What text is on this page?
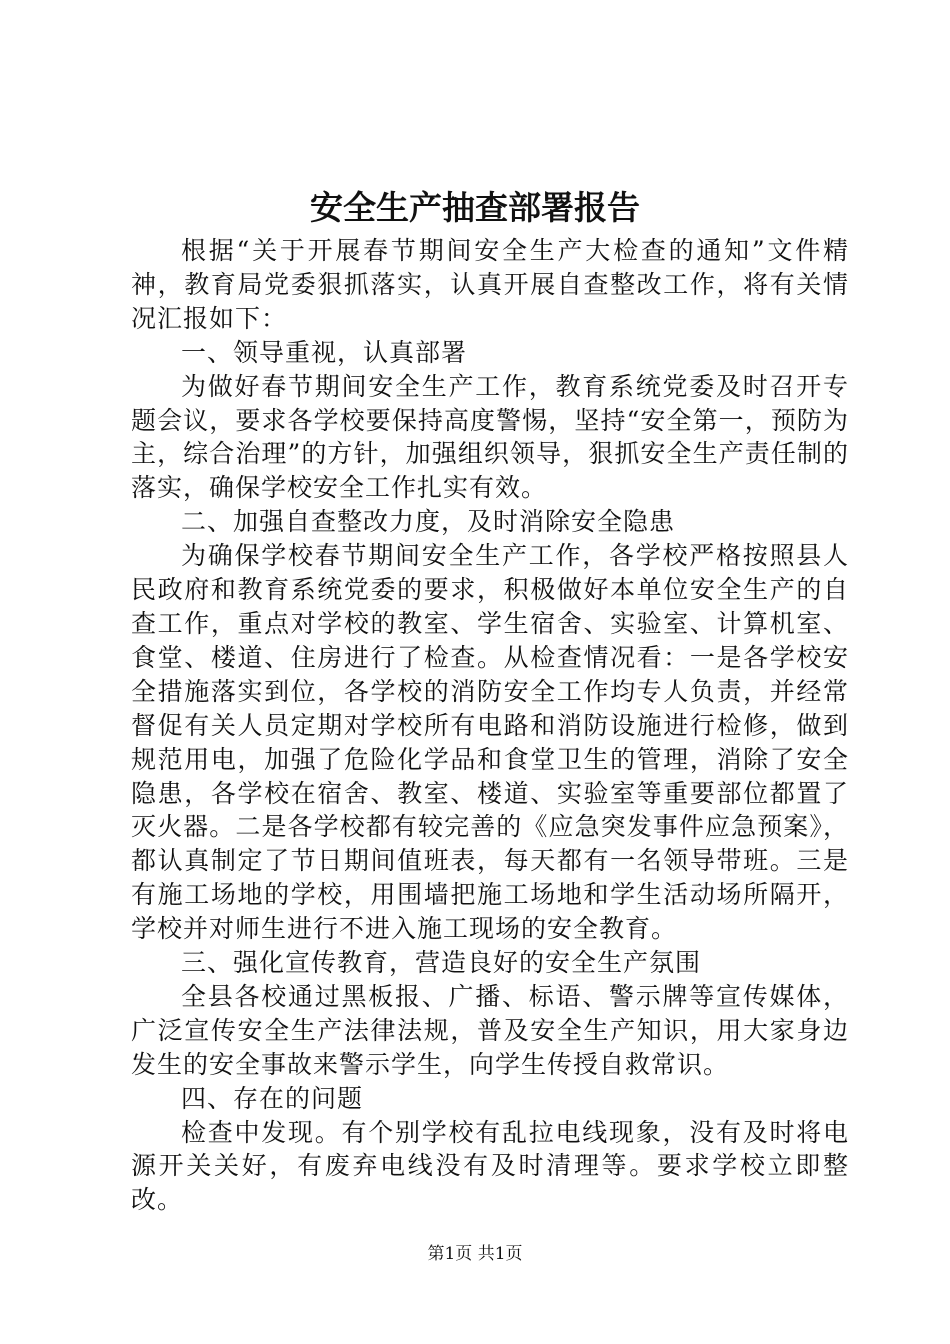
安全生产抽查部署报告

根据“关于开展春节期间安全生产大检查的通知”文件精神，教育局党委狠抓落实，认真开展自查整改工作，将有关情况汇报如下：

一、领导重视，认真部署

为做好春节期间安全生产工作，教育系统党委及时召开专题会议，要求各学校要保持高度警惕，坚持“安全第一，预防为主，综合治理”的方针，加强组织领导，狠抓安全生产责任制的落实，确保学校安全工作扎实有效。

二、加强自查整改力度，及时消除安全隐患

为确保学校春节期间安全生产工作，各学校严格按照县人民政府和教育系统党委的要求，积极做好本单位安全生产的自查工作，重点对学校的教室、学生宿舍、实验室、计算机室、食堂、楼道、住房进行了检查。从检查情况看：一是各学校安全措施落实到位，各学校的消防安全工作均专人负责，并经常督促有关人员定期对学校所有电路和消防设施进行检修，做到规范用电，加强了危险化学品和食堂卫生的管理，消除了安全隐患，各学校在宿舍、教室、楼道、实验室等重要部位都置了灭火器。二是各学校都有较完善的《应急突发事件应急预案》，都认真制定了节日期间值班表，每天都有一名领导带班。三是有施工场地的学校，用围墙把施工场地和学生活动场所隔开，学校并对师生进行不进入施工现场的安全教育。

三、强化宣传教育，营造良好的安全生产氛围

全县各校通过黑板报、广播、标语、警示牌等宣传媒体，广泛宣传安全生产法律法规，普及安全生产知识，用大家身边发生的安全事故来警示学生，向学生传授自救常识。

四、存在的问题

检查中发现。有个别学校有乱拉电线现象，没有及时将电源开关关好，有废弃电线没有及时清理等。要求学校立即整改。

第1页 共1页
